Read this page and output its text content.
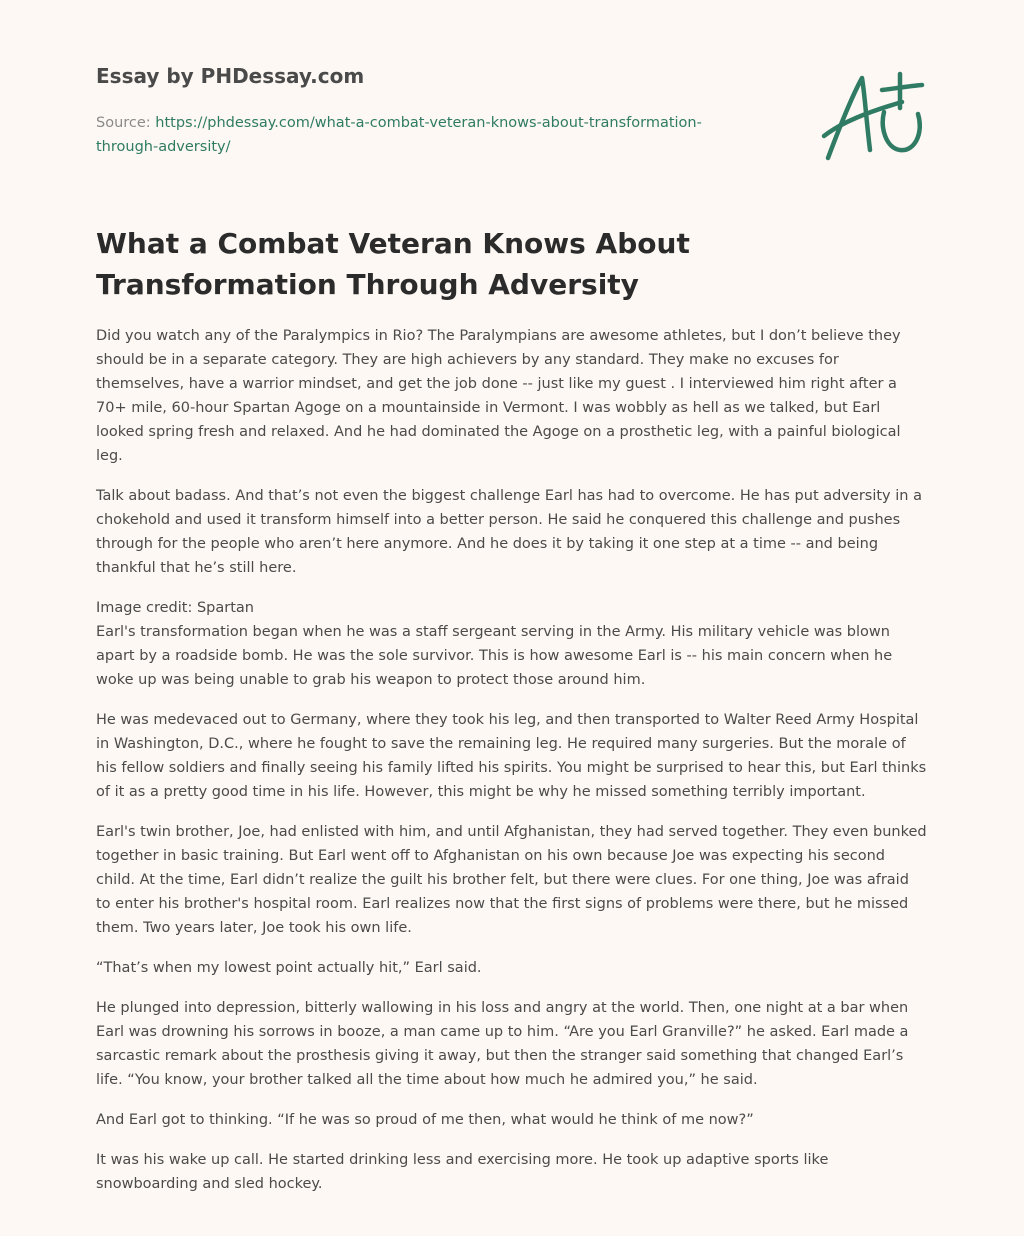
Essay by PHDessay.com
Source: https://phdessay.com/what-a-combat-veteran-knows-about-transformation-through-adversity/
What a Combat Veteran Knows About Transformation Through Adversity

Did you watch any of the Paralympics in Rio? The Paralympians are awesome athletes, but I don’t believe they should be in a separate category. They are high achievers by any standard. They make no excuses for themselves, have a warrior mindset, and get the job done -- just like my guest . I interviewed him right after a 70+ mile, 60-hour Spartan Agoge on a mountainside in Vermont. I was wobbly as hell as we talked, but Earl looked spring fresh and relaxed. And he had dominated the Agoge on a prosthetic leg, with a painful biological leg.

Talk about badass. And that’s not even the biggest challenge Earl has had to overcome. He has put adversity in a chokehold and used it transform himself into a better person. He said he conquered this challenge and pushes through for the people who aren’t here anymore. And he does it by taking it one step at a time -- and being thankful that he’s still here.

Image credit: Spartan

Earl's transformation began when he was a staff sergeant serving in the Army. His military vehicle was blown apart by a roadside bomb. He was the sole survivor. This is how awesome Earl is -- his main concern when he woke up was being unable to grab his weapon to protect those around him.

He was medevaced out to Germany, where they took his leg, and then transported to Walter Reed Army Hospital in Washington, D.C., where he fought to save the remaining leg. He required many surgeries. But the morale of his fellow soldiers and finally seeing his family lifted his spirits. You might be surprised to hear this, but Earl thinks of it as a pretty good time in his life. However, this might be why he missed something terribly important.

Earl's twin brother, Joe, had enlisted with him, and until Afghanistan, they had served together. They even bunked together in basic training. But Earl went off to Afghanistan on his own because Joe was expecting his second child. At the time, Earl didn’t realize the guilt his brother felt, but there were clues. For one thing, Joe was afraid to enter his brother's hospital room. Earl realizes now that the first signs of problems were there, but he missed them. Two years later, Joe took his own life.

“That’s when my lowest point actually hit,” Earl said.

He plunged into depression, bitterly wallowing in his loss and angry at the world. Then, one night at a bar when Earl was drowning his sorrows in booze, a man came up to him. “Are you Earl Granville?” he asked. Earl made a sarcastic remark about the prosthesis giving it away, but then the stranger said something that changed Earl’s life. “You know, your brother talked all the time about how much he admired you,” he said.

And Earl got to thinking. “If he was so proud of me then, what would he think of me now?”

It was his wake up call. He started drinking less and exercising more. He took up adaptive sports like snowboarding and sled hockey.
